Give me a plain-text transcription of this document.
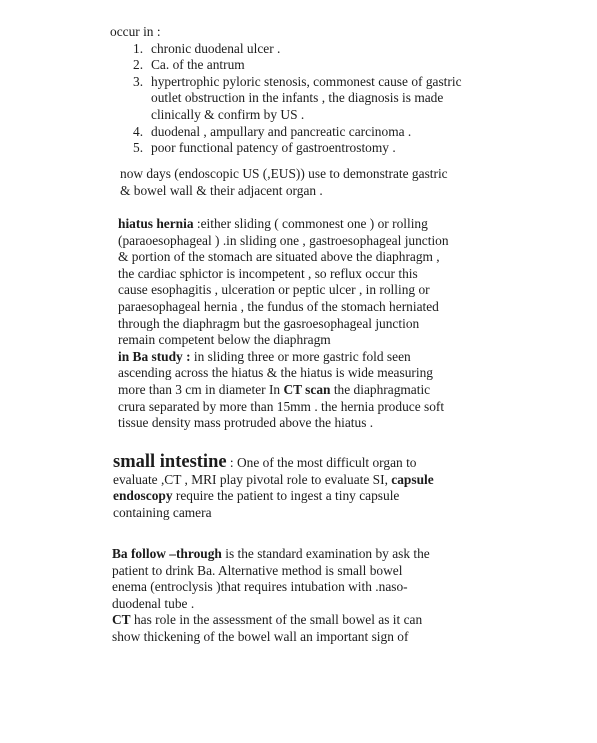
occur in :
1. chronic duodenal ulcer .
2. Ca. of the antrum
3. hypertrophic pyloric stenosis, commonest cause of gastric
outlet obstruction in the infants , the diagnosis is made
clinically & confirm by US .
4. duodenal , ampullary and pancreatic carcinoma .
5. poor functional patency of gastroentrostomy .
now days (endoscopic US (,EUS)) use to demonstrate gastric
& bowel wall & their adjacent organ .
hiatus hernia :either sliding ( commonest one ) or rolling
(paraoesophageal ) .in sliding one , gastroesophageal junction
& portion of the stomach are situated above the diaphragm ,
the cardiac sphictor is incompetent , so reflux occur this
cause esophagitis , ulceration or peptic ulcer , in rolling or
paraesophageal hernia , the fundus of the stomach herniated
through the diaphragm but the gasroesophageal junction
remain competent below the diaphragm
in Ba study : in sliding three or more gastric fold seen
ascending across the hiatus & the hiatus is wide measuring
more than 3 cm in diameter In CT scan the diaphragmatic
crura separated by more than 15mm . the hernia produce soft
tissue density mass protruded above the hiatus .
small intestine : One of the most difficult organ to
evaluate ,CT , MRI play pivotal role to evaluate SI, capsule
endoscopy require the patient to ingest a tiny capsule
containing camera
Ba follow –through is the standard examination by ask the
patient to drink Ba. Alternative method is small bowel
enema (entroclysis )that requires intubation with .naso-
duodenal tube .
CT has role in the assessment of the small bowel as it can
show thickening of the bowel wall an important sign of
